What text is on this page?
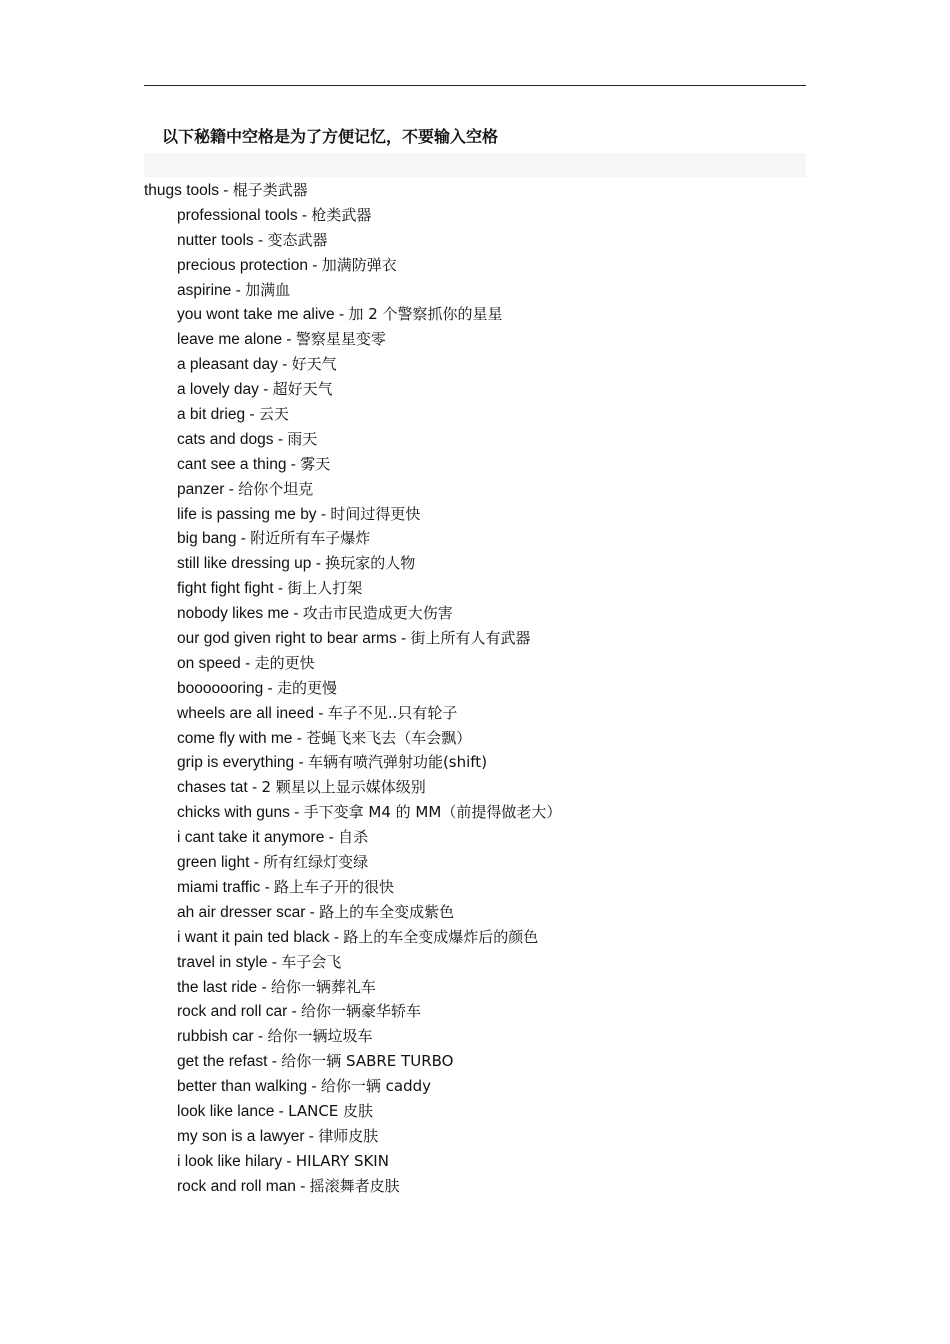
以下秘籍中空格是为了方便记忆，不要输入空格
thugs tools - 棍子类武器
professional tools - 枪类武器
nutter tools - 变态武器
precious protection - 加满防弹衣
aspirine - 加满血
you wont take me alive - 加 2 个警察抓你的星星
leave me alone - 警察星星变零
a pleasant day - 好天气
a lovely day - 超好天气
a bit drieg - 云天
cats and dogs - 雨天
cant see a thing - 雾天
panzer - 给你个坦克
life is passing me by - 时间过得更快
big bang - 附近所有车子爆炸
still like dressing up - 换玩家的人物
fight fight fight - 街上人打架
nobody likes me - 攻击市民造成更大伤害
our god given right to bear arms - 街上所有人有武器
on speed - 走的更快
booooooring - 走的更慢
wheels are all ineed - 车子不见..只有轮子
come fly with me - 苍蝇飞来飞去（车会飘）
grip is everything - 车辆有喷汽弹射功能(shift)
chases tat - 2 颗星以上显示媒体级别
chicks with guns - 手下变拿 M4 的 MM（前提得做老大）
i cant take it anymore - 自杀
green light - 所有红绿灯变绿
miami traffic - 路上车子开的很快
ah air dresser scar - 路上的车全变成紫色
i want it pain ted black - 路上的车全变成爆炸后的颜色
travel in style - 车子会飞
the last ride - 给你一辆葬礼车
rock and roll car - 给你一辆豪华轿车
rubbish car - 给你一辆垃圾车
get the refast - 给你一辆 SABRE TURBO
better than walking - 给你一辆 caddy
look like lance - LANCE 皮肤
my son is a lawyer - 律师皮肤
i look like hilary - HILARY SKIN
rock and roll man - 摇滚舞者皮肤
